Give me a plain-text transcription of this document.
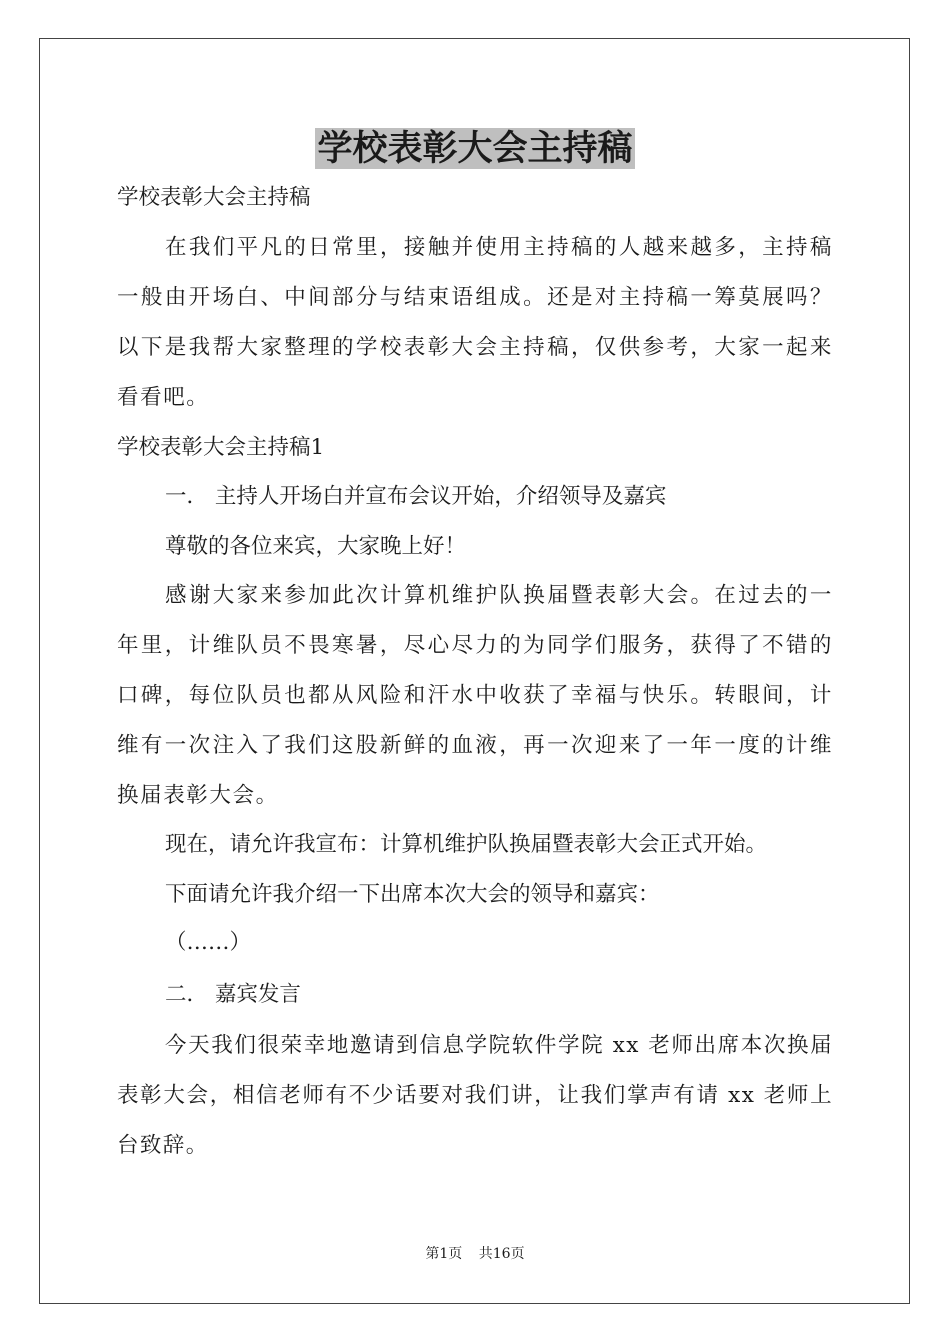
学校表彰大会主持稿
学校表彰大会主持稿
在我们平凡的日常里，接触并使用主持稿的人越来越多，主持稿一般由开场白、中间部分与结束语组成。还是对主持稿一筹莫展吗？以下是我帮大家整理的学校表彰大会主持稿，仅供参考，大家一起来看看吧。
学校表彰大会主持稿1
一． 主持人开场白并宣布会议开始，介绍领导及嘉宾
尊敬的各位来宾，大家晚上好！
感谢大家来参加此次计算机维护队换届暨表彰大会。在过去的一年里，计维队员不畏寒暑，尽心尽力的为同学们服务，获得了不错的口碑，每位队员也都从风险和汗水中收获了幸福与快乐。转眼间，计维有一次注入了我们这股新鲜的血液，再一次迎来了一年一度的计维换届表彰大会。
现在，请允许我宣布：计算机维护队换届暨表彰大会正式开始。
下面请允许我介绍一下出席本次大会的领导和嘉宾：
（……）
二． 嘉宾发言
今天我们很荣幸地邀请到信息学院软件学院 xx 老师出席本次换届表彰大会，相信老师有不少话要对我们讲，让我们掌声有请 xx 老师上台致辞。
第1页 共16页
